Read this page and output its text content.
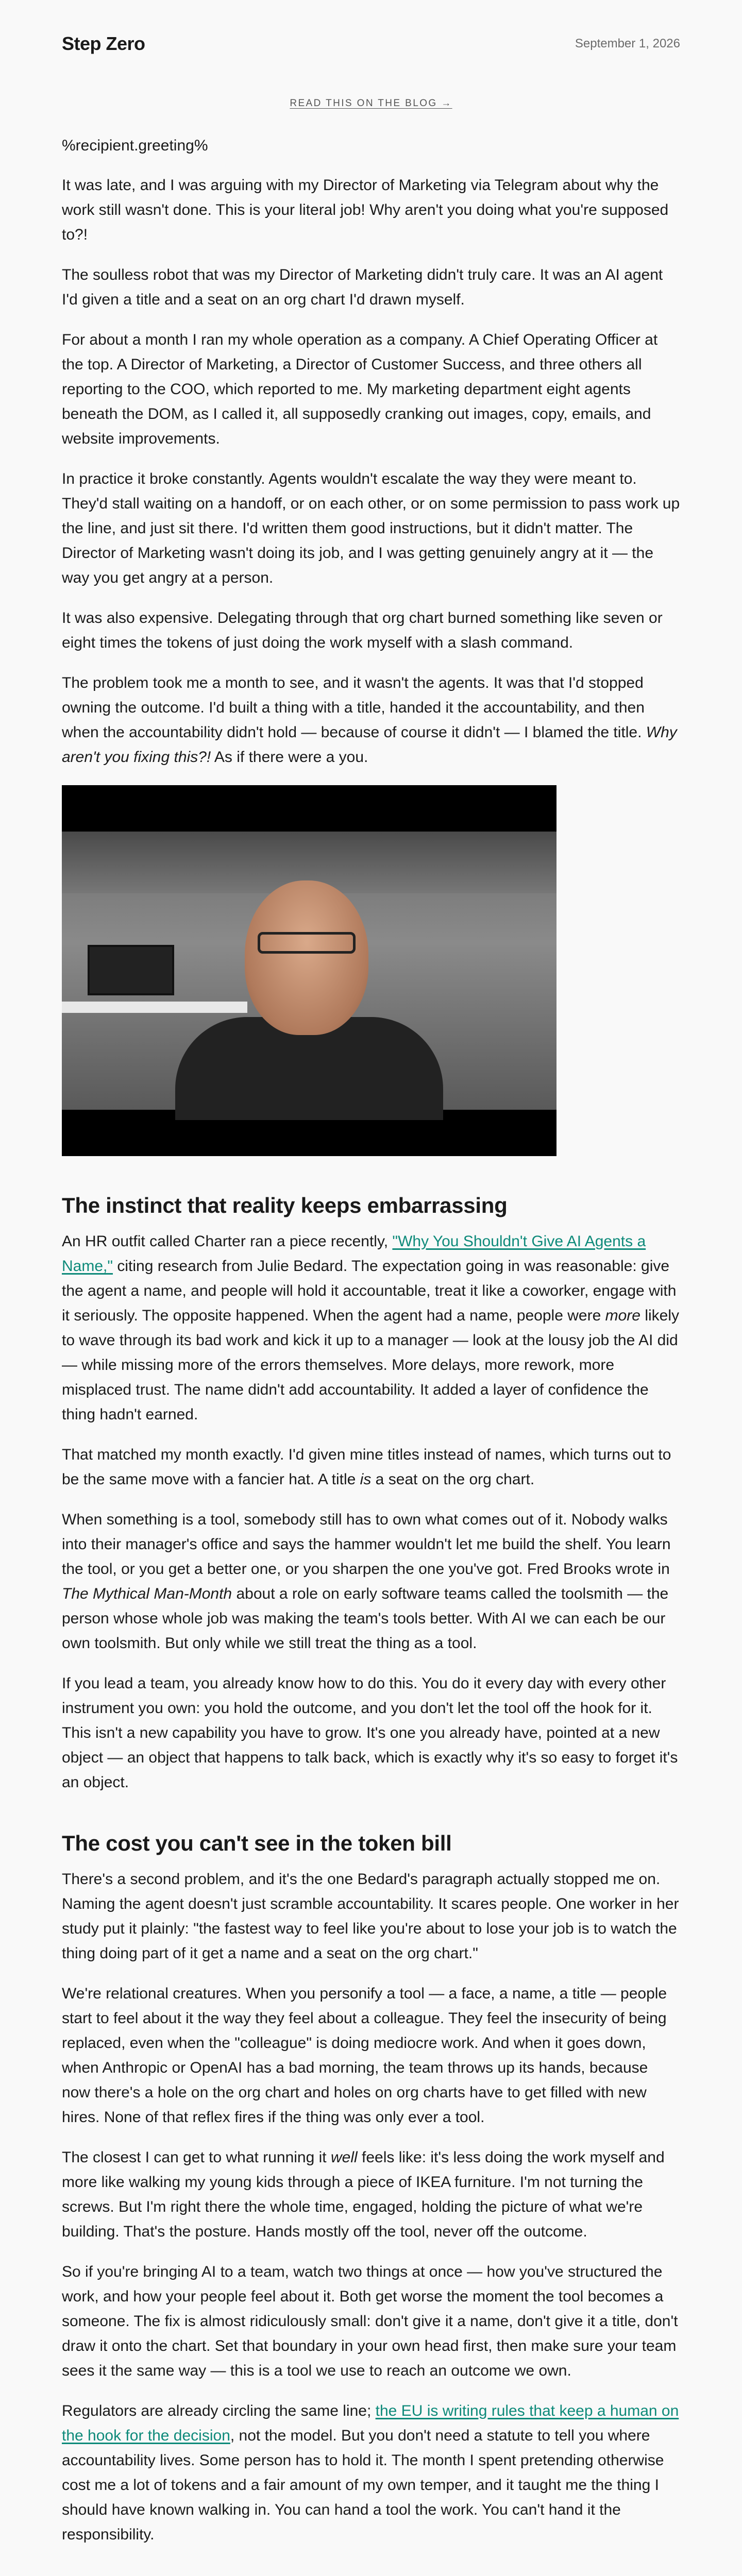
Step Zero	September 1, 2026
READ THIS ON THE BLOG →
%recipient.greeting%

It was late, and I was arguing with my Director of Marketing via Telegram about why the work still wasn't done. This is your literal job! Why aren't you doing what you're supposed to?!

The soulless robot that was my Director of Marketing didn't truly care. It was an AI agent I'd given a title and a seat on an org chart I'd drawn myself.

For about a month I ran my whole operation as a company. A Chief Operating Officer at the top. A Director of Marketing, a Director of Customer Success, and three others all reporting to the COO, which reported to me. My marketing department eight agents beneath the DOM, as I called it, all supposedly cranking out images, copy, emails, and website improvements.

In practice it broke constantly. Agents wouldn't escalate the way they were meant to. They'd stall waiting on a handoff, or on each other, or on some permission to pass work up the line, and just sit there. I'd written them good instructions, but it didn't matter. The Director of Marketing wasn't doing its job, and I was getting genuinely angry at it — the way you get angry at a person.

It was also expensive. Delegating through that org chart burned something like seven or eight times the tokens of just doing the work myself with a slash command.

The problem took me a month to see, and it wasn't the agents. It was that I'd stopped owning the outcome. I'd built a thing with a title, handed it the accountability, and then when the accountability didn't hold — because of course it didn't — I blamed the title. Why aren't you fixing this?! As if there were a you.

The instinct that reality keeps embarrassing

An HR outfit called Charter ran a piece recently, "Why You Shouldn't Give AI Agents a Name," citing research from Julie Bedard. The expectation going in was reasonable: give the agent a name, and people will hold it accountable, treat it like a coworker, engage with it seriously. The opposite happened. When the agent had a name, people were more likely to wave through its bad work and kick it up to a manager — look at the lousy job the AI did — while missing more of the errors themselves. More delays, more rework, more misplaced trust. The name didn't add accountability. It added a layer of confidence the thing hadn't earned.

That matched my month exactly. I'd given mine titles instead of names, which turns out to be the same move with a fancier hat. A title is a seat on the org chart.

When something is a tool, somebody still has to own what comes out of it. Nobody walks into their manager's office and says the hammer wouldn't let me build the shelf. You learn the tool, or you get a better one, or you sharpen the one you've got. Fred Brooks wrote in The Mythical Man-Month about a role on early software teams called the toolsmith — the person whose whole job was making the team's tools better. With AI we can each be our own toolsmith. But only while we still treat the thing as a tool.

If you lead a team, you already know how to do this. You do it every day with every other instrument you own: you hold the outcome, and you don't let the tool off the hook for it. This isn't a new capability you have to grow. It's one you already have, pointed at a new object — an object that happens to talk back, which is exactly why it's so easy to forget it's an object.

The cost you can't see in the token bill

There's a second problem, and it's the one Bedard's paragraph actually stopped me on. Naming the agent doesn't just scramble accountability. It scares people. One worker in her study put it plainly: "the fastest way to feel like you're about to lose your job is to watch the thing doing part of it get a name and a seat on the org chart."

We're relational creatures. When you personify a tool — a face, a name, a title — people start to feel about it the way they feel about a colleague. They feel the insecurity of being replaced, even when the "colleague" is doing mediocre work. And when it goes down, when Anthropic or OpenAI has a bad morning, the team throws up its hands, because now there's a hole on the org chart and holes on org charts have to get filled with new hires. None of that reflex fires if the thing was only ever a tool.

The closest I can get to what running it well feels like: it's less doing the work myself and more like walking my young kids through a piece of IKEA furniture. I'm not turning the screws. But I'm right there the whole time, engaged, holding the picture of what we're building. That's the posture. Hands mostly off the tool, never off the outcome.

So if you're bringing AI to a team, watch two things at once — how you've structured the work, and how your people feel about it. Both get worse the moment the tool becomes a someone. The fix is almost ridiculously small: don't give it a name, don't give it a title, don't draw it onto the chart. Set that boundary in your own head first, then make sure your team sees it the same way — this is a tool we use to reach an outcome we own.

Regulators are already circling the same line; the EU is writing rules that keep a human on the hook for the decision, not the model. But you don't need a statute to tell you where accountability lives. Some person has to hold it. The month I spent pretending otherwise cost me a lot of tokens and a fair amount of my own temper, and it taught me the thing I should have known walking in. You can hand a tool the work. You can't hand it the responsibility.
